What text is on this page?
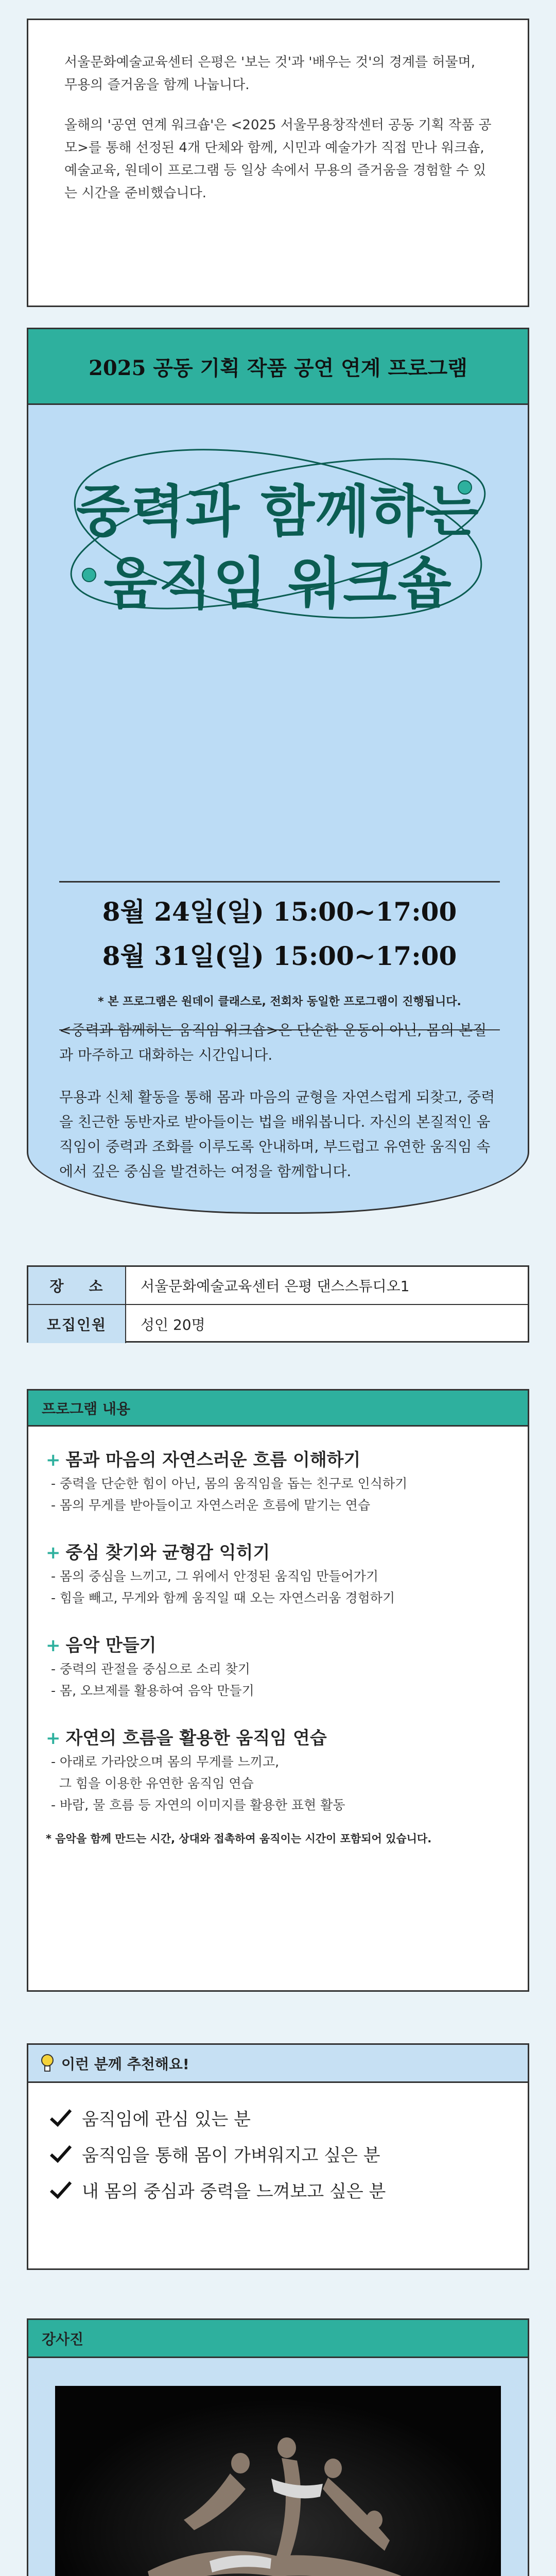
서울문화예술교육센터 은평은 '보는 것'과 '배우는 것'의 경계를 허물며, 무용의 즐거움을 함께 나눕니다.

올해의 '공연 연계 워크숍'은 <2025 서울무용창작센터 공동 기획 작품 공모>를 통해 선정된 4개 단체와 함께, 시민과 예술가가 직접 만나 워크숍, 예술교육, 원데이 프로그램 등 일상 속에서 무용의 즐거움을 경험할 수 있는 시간을 준비했습니다.

2025 공동 기획 작품 공연 연계 프로그램
중력과 함께하는
움직임 워크숍
8월 24일(일) 15:00~17:00
8월 31일(일) 15:00~17:00
* 본 프로그램은 원데이 클래스로, 전회차 동일한 프로그램이 진행됩니다.

<중력과 함께하는 움직임 워크숍>은 단순한 운동이 아닌, 몸의 본질과 마주하고 대화하는 시간입니다.

무용과 신체 활동을 통해 몸과 마음의 균형을 자연스럽게 되찾고, 중력을 친근한 동반자로 받아들이는 법을 배워봅니다. 자신의 본질적인 움직임이 중력과 조화를 이루도록 안내하며, 부드럽고 유연한 움직임 속에서 깊은 중심을 발견하는 여정을 함께합니다.

장    소	서울문화예술교육센터 은평 댄스스튜디오1
모집인원	성인 20명
프로그램 내용
+ 몸과 마음의 자연스러운 흐름 이해하기
- 중력을 단순한 힘이 아닌, 몸의 움직임을 돕는 친구로 인식하기
- 몸의 무게를 받아들이고 자연스러운 흐름에 맡기는 연습
+ 중심 찾기와 균형감 익히기
- 몸의 중심을 느끼고, 그 위에서 안정된 움직임 만들어가기
- 힘을 빼고, 무게와 함께 움직일 때 오는 자연스러움 경험하기
+ 음악 만들기
- 중력의 관절을 중심으로 소리 찾기
- 몸, 오브제를 활용하여 음악 만들기
+ 자연의 흐름을 활용한 움직임 연습
- 아래로 가라앉으며 몸의 무게를 느끼고,
그 힘을 이용한 유연한 움직임 연습
- 바람, 물 흐름 등 자연의 이미지를 활용한 표현 활동
* 음악을 함께 만드는 시간, 상대와 접촉하여 움직이는 시간이 포함되어 있습니다.
이런 분께 추천해요!
움직임에 관심 있는 분
움직임을 통해 몸이 가벼워지고 싶은 분
내 몸의 중심과 중력을 느껴보고 싶은 분
강사진
